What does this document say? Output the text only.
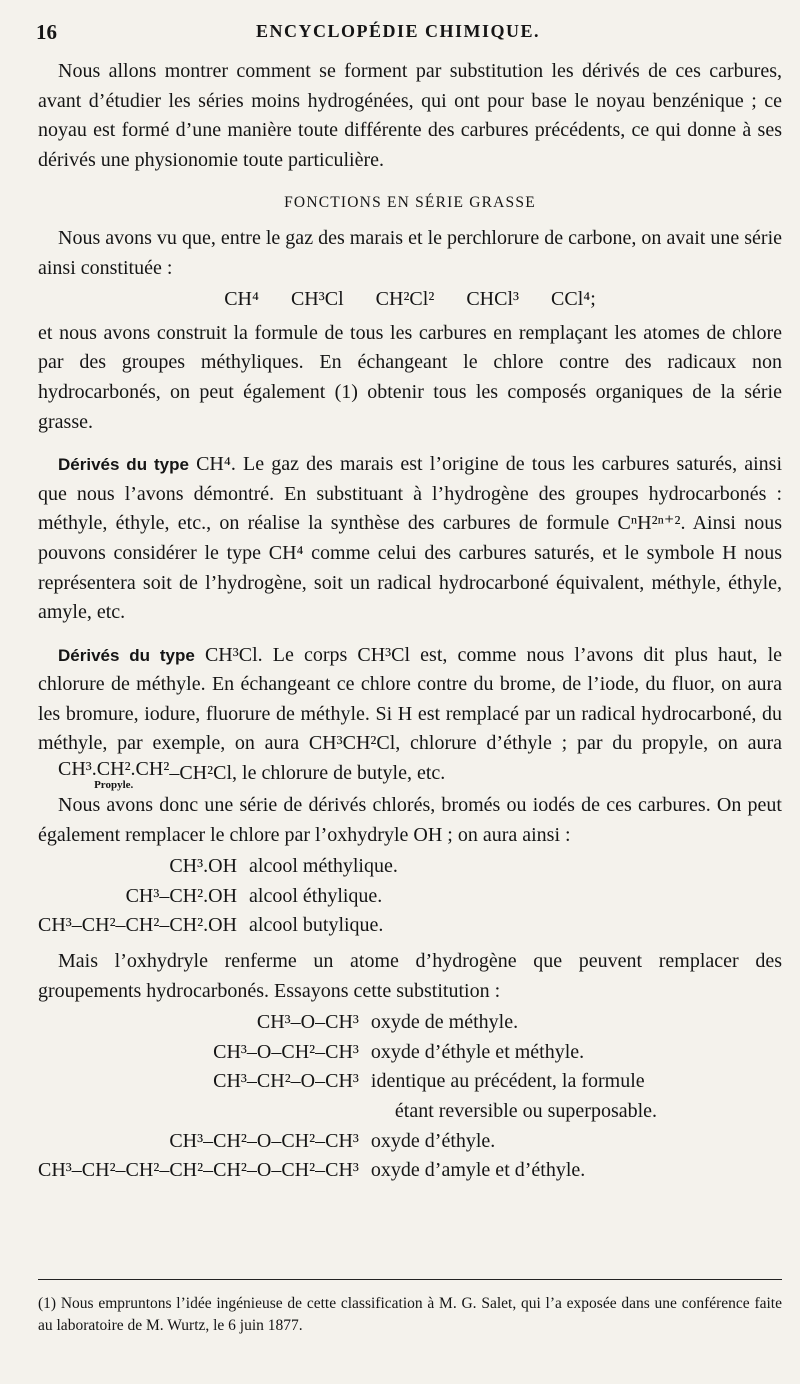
16	ENCYCLOPÉDIE CHIMIQUE.

Nous allons montrer comment se forment par substitution les dérivés de ces carbures, avant d’étudier les séries moins hydrogénées, qui ont pour base le noyau benzénique ; ce noyau est formé d’une manière toute différente des carbures précédents, ce qui donne à ses dérivés une physionomie toute particulière.

FONCTIONS EN SÉRIE GRASSE

Nous avons vu que, entre le gaz des marais et le perchlorure de carbone, on avait une série ainsi constituée :

CH⁴ CH³Cl CH²Cl² CHCl³ CCl⁴;

et nous avons construit la formule de tous les carbures en remplaçant les atomes de chlore par des groupes méthyliques. En échangeant le chlore contre des radicaux non hydrocarbonés, on peut également (1) obtenir tous les composés organiques de la série grasse.

Dérivés du type CH⁴. Le gaz des marais est l’origine de tous les carbures saturés, ainsi que nous l’avons démontré. En substituant à l’hydrogène des groupes hydrocarbonés : méthyle, éthyle, etc., on réalise la synthèse des carbures de formule CⁿH²ⁿ⁺². Ainsi nous pouvons considérer le type CH⁴ comme celui des carbures saturés, et le symbole H nous représentera soit de l’hydrogène, soit un radical hydrocarboné équivalent, méthyle, éthyle, amyle, etc.

Dérivés du type CH³Cl. Le corps CH³Cl est, comme nous l’avons dit plus haut, le chlorure de méthyle. En échangeant ce chlore contre du brome, de l’iode, du fluor, on aura les bromure, iodure, fluorure de méthyle. Si H est remplacé par un radical hydrocarboné, du méthyle, par exemple, on aura CH³CH²Cl, chlorure d’éthyle ; par du propyle, on aura CH³.CH².CH²
Propyle.
–CH²Cl, le chlorure de butyle, etc.

Nous avons donc une série de dérivés chlorés, bromés ou iodés de ces carbures. On peut également remplacer le chlore par l’oxhydryle OH ; on aura ainsi :

CH³.OH	alcool méthylique.
CH³–CH².OH	alcool éthylique.
CH³–CH²–CH²–CH².OH	alcool butylique.

Mais l’oxhydryle renferme un atome d’hydrogène que peuvent remplacer des groupements hydrocarbonés. Essayons cette substitution :

CH³–O–CH³	oxyde de méthyle.
CH³–O–CH²–CH³	oxyde d’éthyle et méthyle.
CH³–CH²–O–CH³	identique au précédent, la formule
	étant reversible ou superposable.
CH³–CH²–O–CH²–CH³	oxyde d’éthyle.
CH³–CH²–CH²–CH²–CH²–O–CH²–CH³	oxyde d’amyle et d’éthyle.
(1) Nous empruntons l’idée ingénieuse de cette classification à M. G. Salet, qui l’a exposée dans une conférence faite au laboratoire de M. Wurtz, le 6 juin 1877.
